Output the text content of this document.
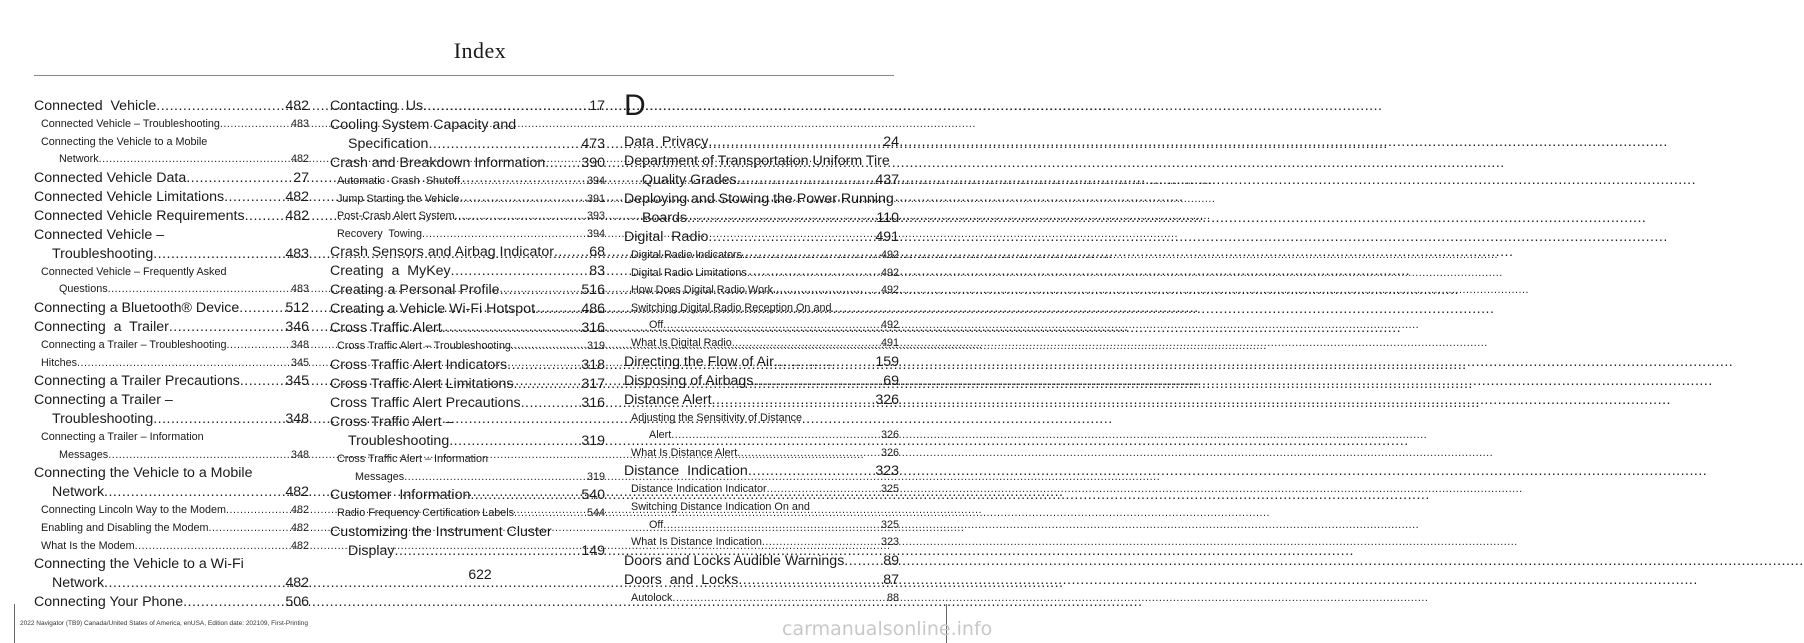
Index
Connected  Vehicle .....	482
Connected Vehicle – Troubleshooting .....	483
Connecting the Vehicle to a Mobile
Network .....	482
Connected Vehicle Data .....	27
Connected Vehicle Limitations .....	482
Connected Vehicle Requirements .....	482
Connected Vehicle –
Troubleshooting .....	483
Connected Vehicle – Frequently Asked
Questions .....	483
Connecting a Bluetooth® Device .....	512
Connecting  a  Trailer .....	346
Connecting a Trailer – Troubleshooting .....	348
Hitches .....	345
Connecting a Trailer Precautions .....	345
Connecting a Trailer –
Troubleshooting .....	348
Connecting a Trailer – Information
Messages .....	348
Connecting the Vehicle to a Mobile
Network .....	482
Connecting Lincoln Way to the Modem .....	482
Enabling and Disabling the Modem .....	482
What Is the Modem .....	482
Connecting the Vehicle to a Wi-Fi
Network .....	482
Connecting Your Phone .....	506
Contacting  Us .....	17
Cooling System Capacity and
Specification .....	473
Crash and Breakdown Information .....	390
Automatic  Crash  Shutoff .....	394
Jump Starting the Vehicle .....	391
Post-Crash Alert System .....	393
Recovery  Towing .....	394
Crash Sensors and Airbag Indicator ..... 68
Creating  a  MyKey .....	83
Creating a Personal Profile .....	516
Creating a Vehicle Wi-Fi Hotspot .....	486
Cross Traffic Alert .....	316
Cross Traffic Alert – Troubleshooting .....	319
Cross Traffic Alert Indicators .....	318
Cross Traffic Alert Limitations .....	317
Cross Traffic Alert Precautions .....	316
Cross Traffic Alert –
Troubleshooting .....	319
Cross Traffic Alert – Information
Messages .....	319
Customer  Information .....	540
Radio Frequency Certification Labels .....	544
Customizing the Instrument Cluster
Display .....	149
D
Data  Privacy .....	24
Department of Transportation Uniform Tire
Quality Grades .....	437
Deploying and Stowing the Power Running
Boards .....	110
Digital  Radio .....	491
Digital Radio Indicators .....	492
Digital Radio Limitations .....	492
How Does Digital Radio Work .....	492
Switching Digital Radio Reception On and
Off .....	492
What Is Digital Radio .....	491
Directing the Flow of Air .....	159
Disposing of Airbags .....	69
Distance Alert .....	326
Adjusting the Sensitivity of Distance
Alert .....	326
What Is Distance Alert .....	326
Distance  Indication .....	323
Distance Indication Indicator .....	325
Switching Distance Indication On and
Off .....	325
What Is Distance Indication .....	323
Doors and Locks Audible Warnings .....	89
Doors  and  Locks .....	87
Autolock .....	88
622
2022 Navigator (TB9) Canada/United States of America, enUSA, Edition date: 202109, First-Printing	carmanualsonline.info
